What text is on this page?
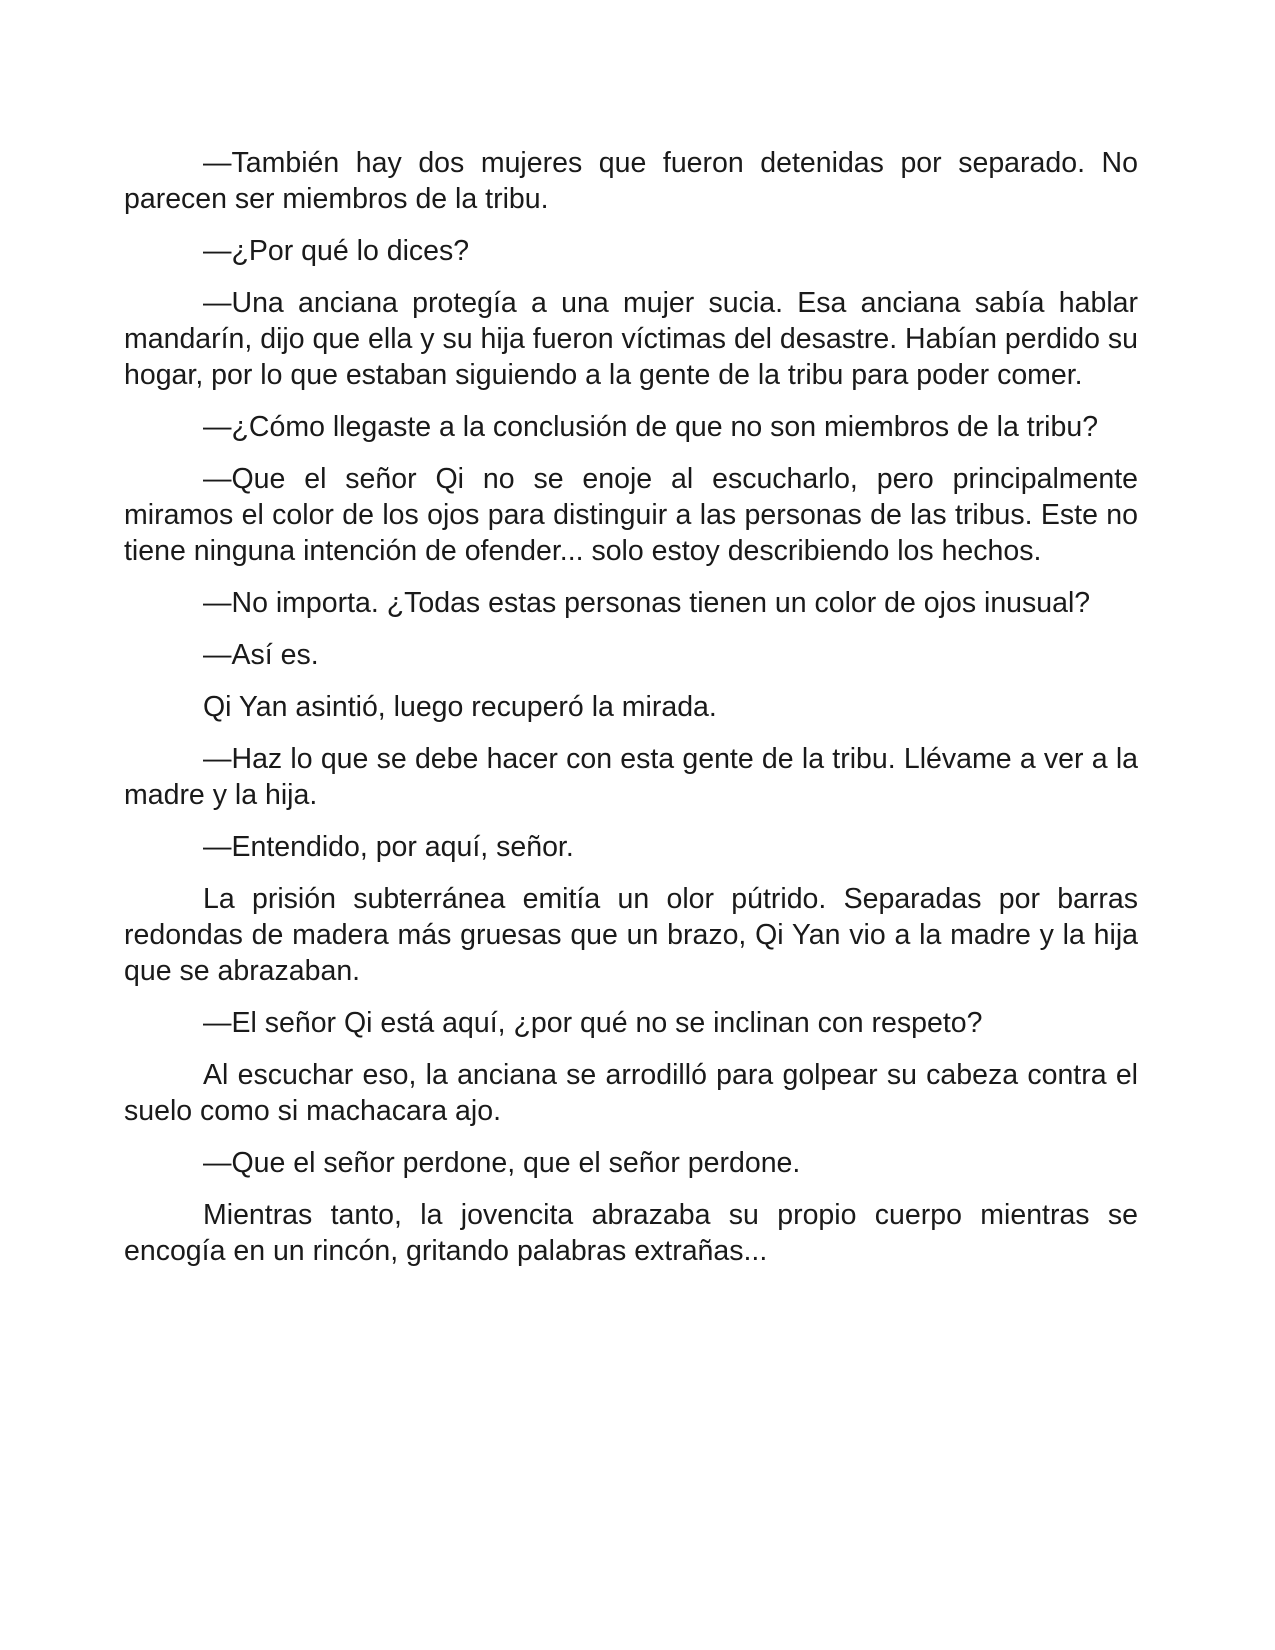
—También hay dos mujeres que fueron detenidas por separado. No parecen ser miembros de la tribu.

—¿Por qué lo dices?

—Una anciana protegía a una mujer sucia. Esa anciana sabía hablar mandarín, dijo que ella y su hija fueron víctimas del desastre. Habían perdido su hogar, por lo que estaban siguiendo a la gente de la tribu para poder comer.

—¿Cómo llegaste a la conclusión de que no son miembros de la tribu?

—Que el señor Qi no se enoje al escucharlo, pero principalmente miramos el color de los ojos para distinguir a las personas de las tribus. Este no tiene ninguna intención de ofender... solo estoy describiendo los hechos.

—No importa. ¿Todas estas personas tienen un color de ojos inusual?

—Así es.

Qi Yan asintió, luego recuperó la mirada.

—Haz lo que se debe hacer con esta gente de la tribu. Llévame a ver a la madre y la hija.

—Entendido, por aquí, señor.

La prisión subterránea emitía un olor pútrido. Separadas por barras redondas de madera más gruesas que un brazo, Qi Yan vio a la madre y la hija que se abrazaban.

—El señor Qi está aquí, ¿por qué no se inclinan con respeto?

Al escuchar eso, la anciana se arrodilló para golpear su cabeza contra el suelo como si machacara ajo.

—Que el señor perdone, que el señor perdone.

Mientras tanto, la jovencita abrazaba su propio cuerpo mientras se encogía en un rincón, gritando palabras extrañas...
